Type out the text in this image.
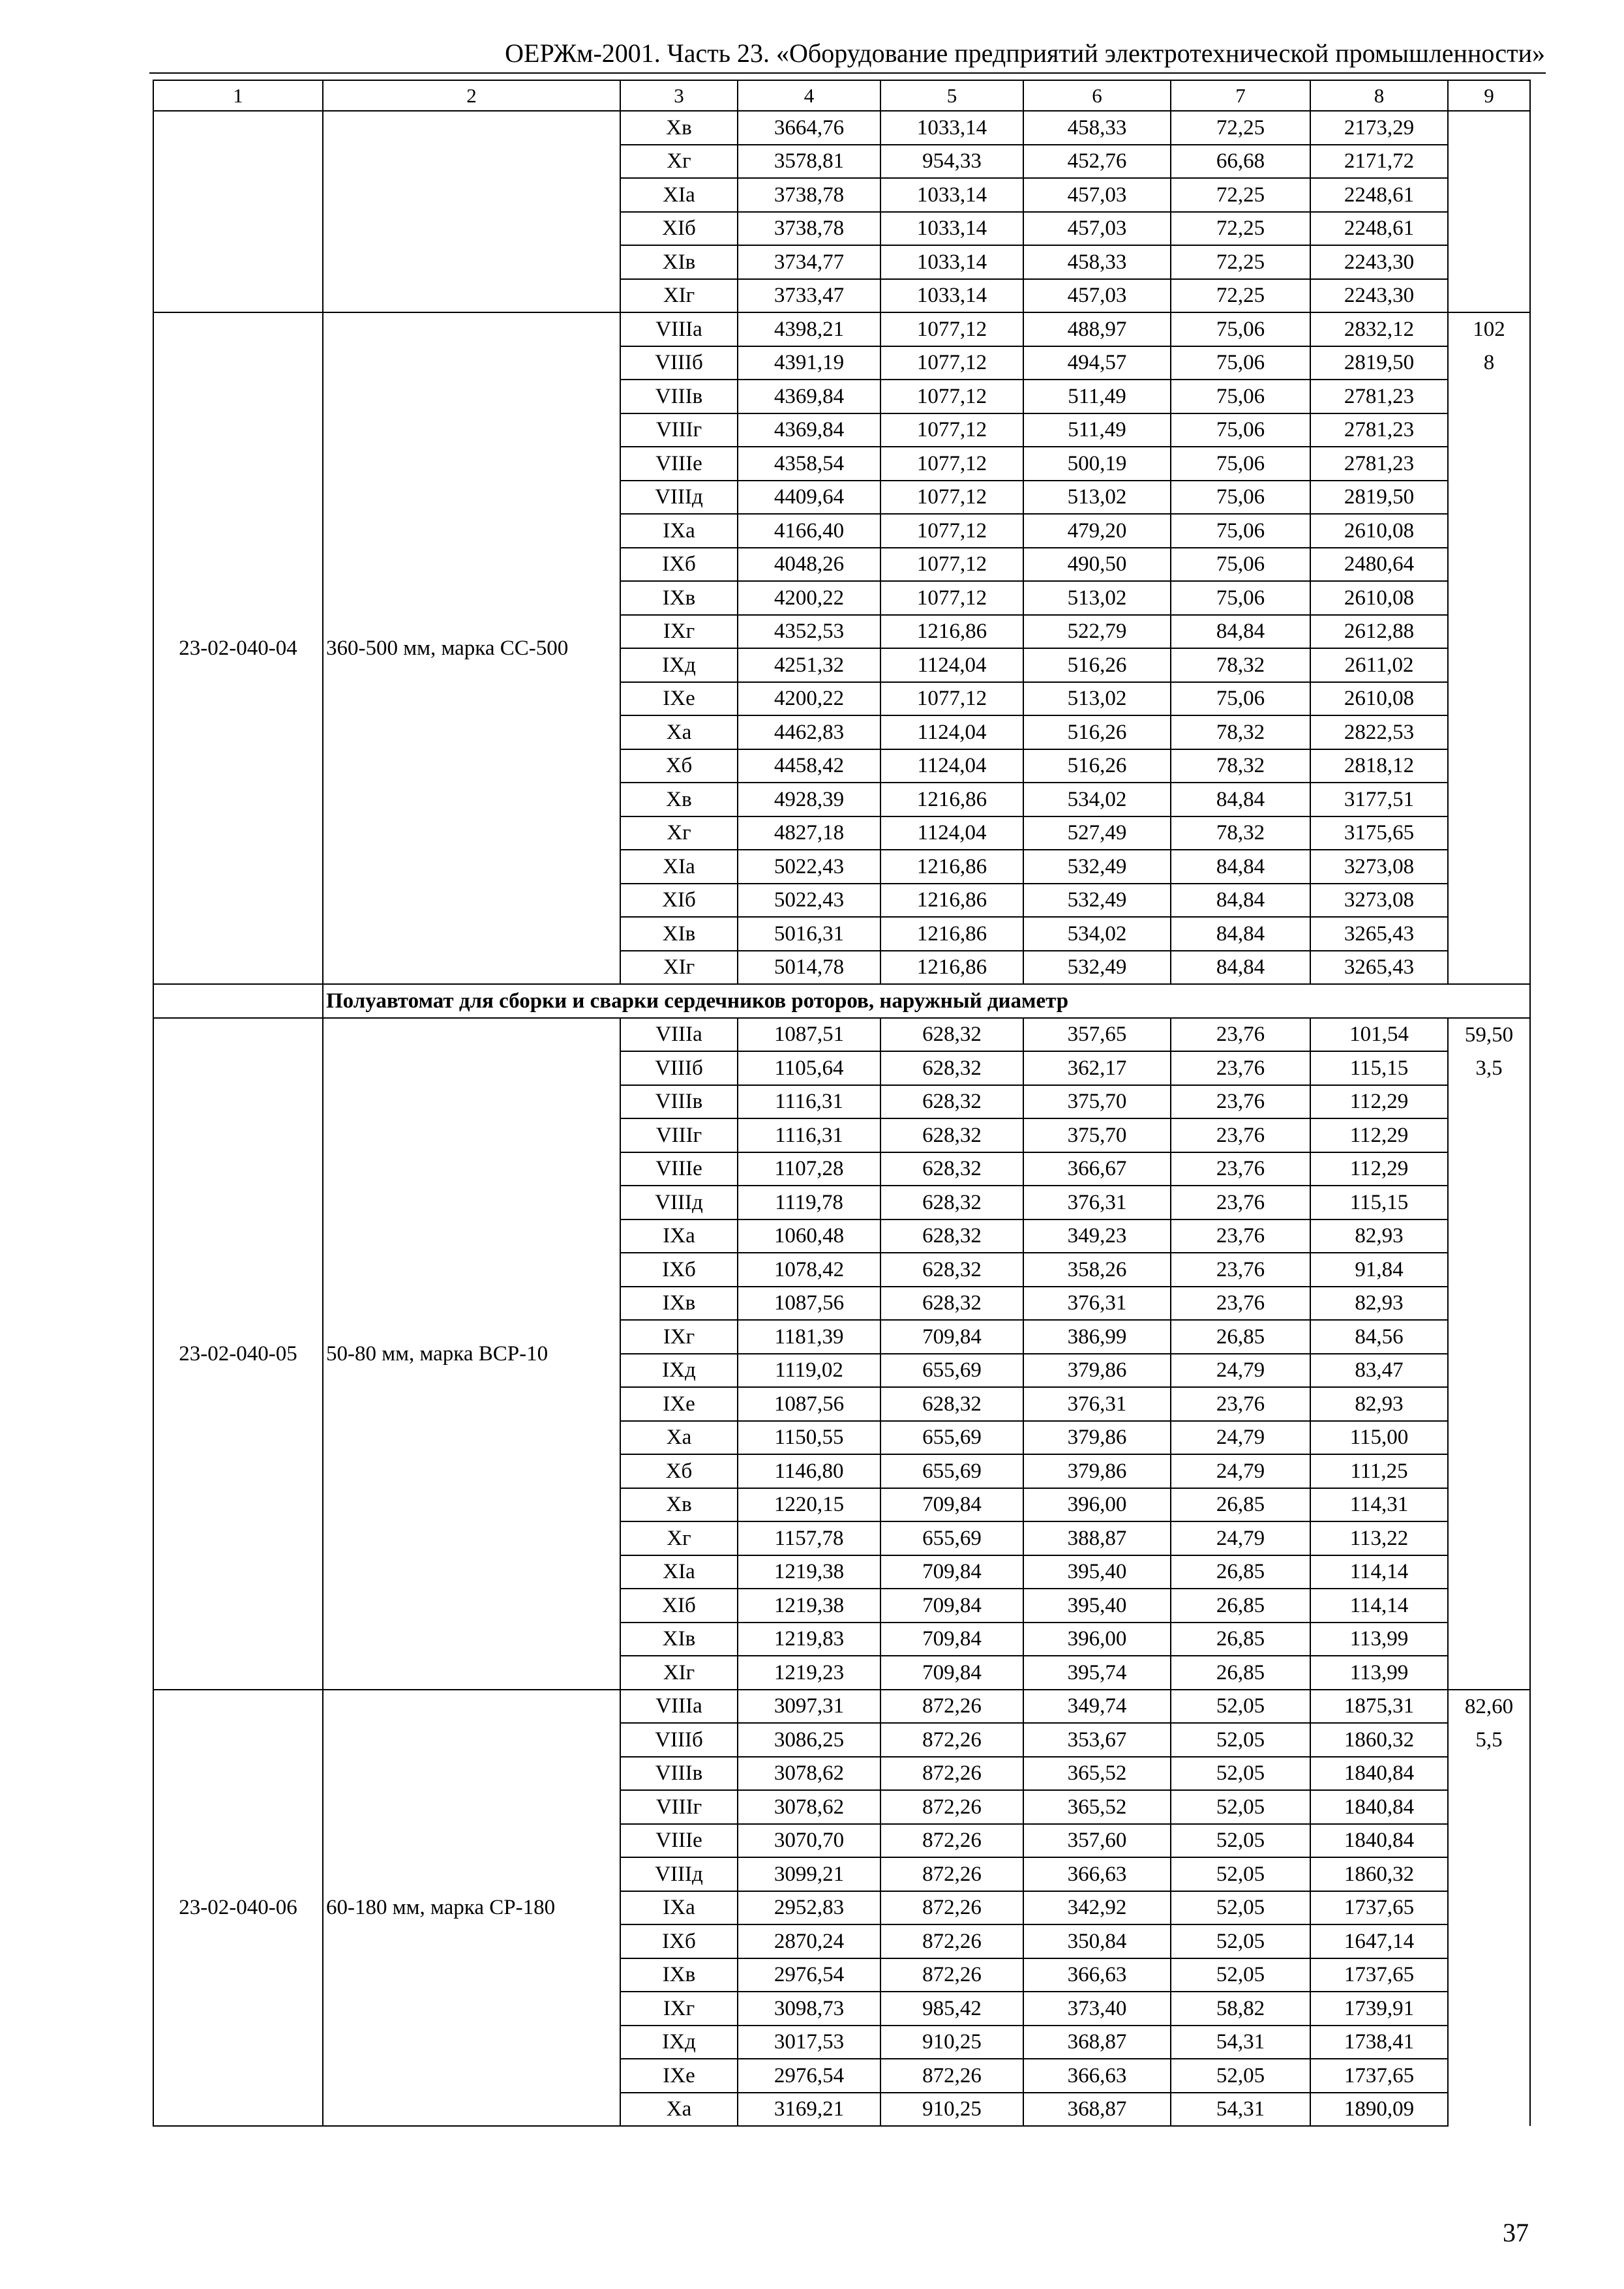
ОЕРЖм-2001. Часть 23. «Оборудование предприятий электротехнической промышленности»
1	2	3	4	5	6	7	8	9
		Xв	3664,76	1033,14	458,33	72,25	2173,29	
		Xг	3578,81	954,33	452,76	66,68	2171,72	
		XIа	3738,78	1033,14	457,03	72,25	2248,61	
		XIб	3738,78	1033,14	457,03	72,25	2248,61	
		XIв	3734,77	1033,14	458,33	72,25	2243,30	
		XIг	3733,47	1033,14	457,03	72,25	2243,30	
23-02-040-04	360-500 мм, марка СС-500	VIIIа	4398,21	1077,12	488,97	75,06	2832,12	102
		VIIIб	4391,19	1077,12	494,57	75,06	2819,50	8
		VIIIв	4369,84	1077,12	511,49	75,06	2781,23	
		VIIIг	4369,84	1077,12	511,49	75,06	2781,23	
		VIIIе	4358,54	1077,12	500,19	75,06	2781,23	
		VIIIд	4409,64	1077,12	513,02	75,06	2819,50	
		IXа	4166,40	1077,12	479,20	75,06	2610,08	
		IXб	4048,26	1077,12	490,50	75,06	2480,64	
		IXв	4200,22	1077,12	513,02	75,06	2610,08	
		IXг	4352,53	1216,86	522,79	84,84	2612,88	
		IXд	4251,32	1124,04	516,26	78,32	2611,02	
		IXе	4200,22	1077,12	513,02	75,06	2610,08	
		Xа	4462,83	1124,04	516,26	78,32	2822,53	
		Xб	4458,42	1124,04	516,26	78,32	2818,12	
		Xв	4928,39	1216,86	534,02	84,84	3177,51	
		Xг	4827,18	1124,04	527,49	78,32	3175,65	
		XIа	5022,43	1216,86	532,49	84,84	3273,08	
		XIб	5022,43	1216,86	532,49	84,84	3273,08	
		XIв	5016,31	1216,86	534,02	84,84	3265,43	
		XIг	5014,78	1216,86	532,49	84,84	3265,43	
	Полуавтомат для сборки и сварки сердечников роторов, наружный диаметр							
23-02-040-05	50-80 мм, марка ВСР-10	VIIIа	1087,51	628,32	357,65	23,76	101,54	59,50
		VIIIб	1105,64	628,32	362,17	23,76	115,15	3,5
		VIIIв	1116,31	628,32	375,70	23,76	112,29	
		VIIIг	1116,31	628,32	375,70	23,76	112,29	
		VIIIе	1107,28	628,32	366,67	23,76	112,29	
		VIIIд	1119,78	628,32	376,31	23,76	115,15	
		IXа	1060,48	628,32	349,23	23,76	82,93	
		IXб	1078,42	628,32	358,26	23,76	91,84	
		IXв	1087,56	628,32	376,31	23,76	82,93	
		IXг	1181,39	709,84	386,99	26,85	84,56	
		IXд	1119,02	655,69	379,86	24,79	83,47	
		IXе	1087,56	628,32	376,31	23,76	82,93	
		Xа	1150,55	655,69	379,86	24,79	115,00	
		Xб	1146,80	655,69	379,86	24,79	111,25	
		Xв	1220,15	709,84	396,00	26,85	114,31	
		Xг	1157,78	655,69	388,87	24,79	113,22	
		XIа	1219,38	709,84	395,40	26,85	114,14	
		XIб	1219,38	709,84	395,40	26,85	114,14	
		XIв	1219,83	709,84	396,00	26,85	113,99	
		XIг	1219,23	709,84	395,74	26,85	113,99	
23-02-040-06	60-180 мм, марка СР-180	VIIIа	3097,31	872,26	349,74	52,05	1875,31	82,60
		VIIIб	3086,25	872,26	353,67	52,05	1860,32	5,5
		VIIIв	3078,62	872,26	365,52	52,05	1840,84	
		VIIIг	3078,62	872,26	365,52	52,05	1840,84	
		VIIIе	3070,70	872,26	357,60	52,05	1840,84	
		VIIIд	3099,21	872,26	366,63	52,05	1860,32	
		IXа	2952,83	872,26	342,92	52,05	1737,65	
		IXб	2870,24	872,26	350,84	52,05	1647,14	
		IXв	2976,54	872,26	366,63	52,05	1737,65	
		IXг	3098,73	985,42	373,40	58,82	1739,91	
		IXд	3017,53	910,25	368,87	54,31	1738,41	
		IXе	2976,54	872,26	366,63	52,05	1737,65	
		Xа	3169,21	910,25	368,87	54,31	1890,09	
37
